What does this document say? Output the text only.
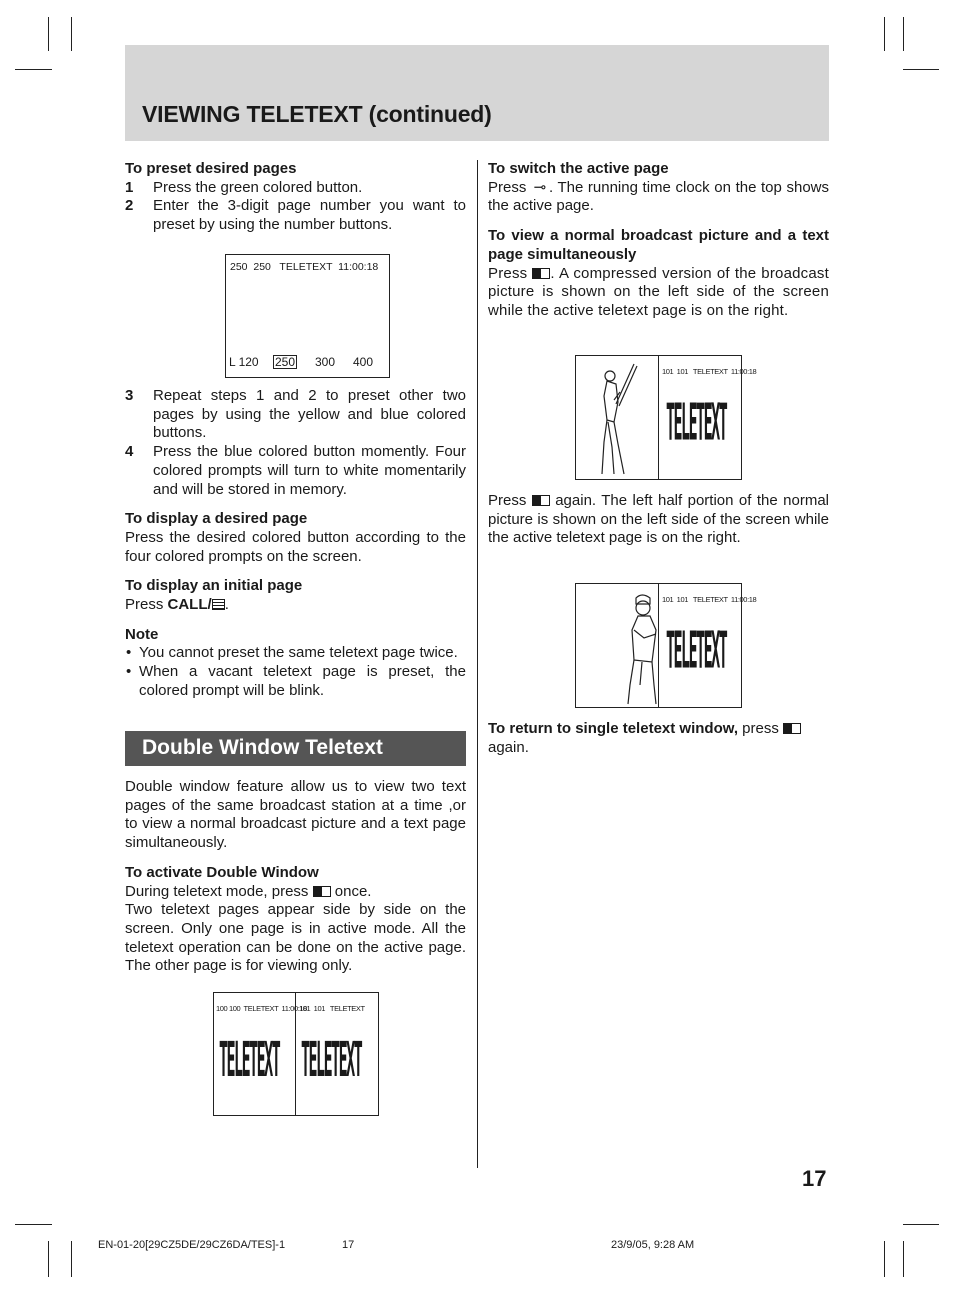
VIEWING TELETEXT (continued)

To preset desired pages

1 Press the green colored button.
2 Enter the 3-digit page number you want to preset by using the number buttons.
250  250   TELETEXT  11:00:18
L 120 250 300 400
3 Repeat steps 1 and 2 to preset other two pages by using the yellow and blue colored buttons.
4 Press the blue colored button momently. Four colored prompts will turn to white momentarily and will be stored in memory.

To display a desired page

Press the desired colored button according to the four colored prompts on the screen.

To display an initial page

Press CALL/ .

Note

• You cannot preset the same teletext page twice.
• When a vacant teletext page is preset, the colored prompt will be blink.
Double Window Teletext

Double window feature allow us to view two text pages of the same broadcast station at a time ,or to view a normal broadcast picture and a text page simultaneously.

To activate Double Window

During teletext mode, press  once.

Two teletext pages appear side by side on the screen. Only one page is in active mode. All the teletext operation can be done on the active page. The other page is for viewing only.

100 100  TELETEXT  11:00:18
101  101   TELETEXT
TELETEXT TELETEXT

To switch the active page

Press ⊸ . The running time clock on the top shows the active page.

To view a normal broadcast picture and a text page simultaneously

Press . A compressed version of the broadcast picture is shown on the left side of the screen while the active teletext page is on the right.

101  101   TELETEXT  11:00:18
TELETEXT

Press  again. The left half portion of the normal picture is shown on the left side of the screen while the active teletext page is on the right.

101  101   TELETEXT  11:00:18
TELETEXT

To return to single teletext window, press

again.

17
EN-01-20[29CZ5DE/29CZ6DA/TES]-1	17	23/9/05, 9:28 AM
